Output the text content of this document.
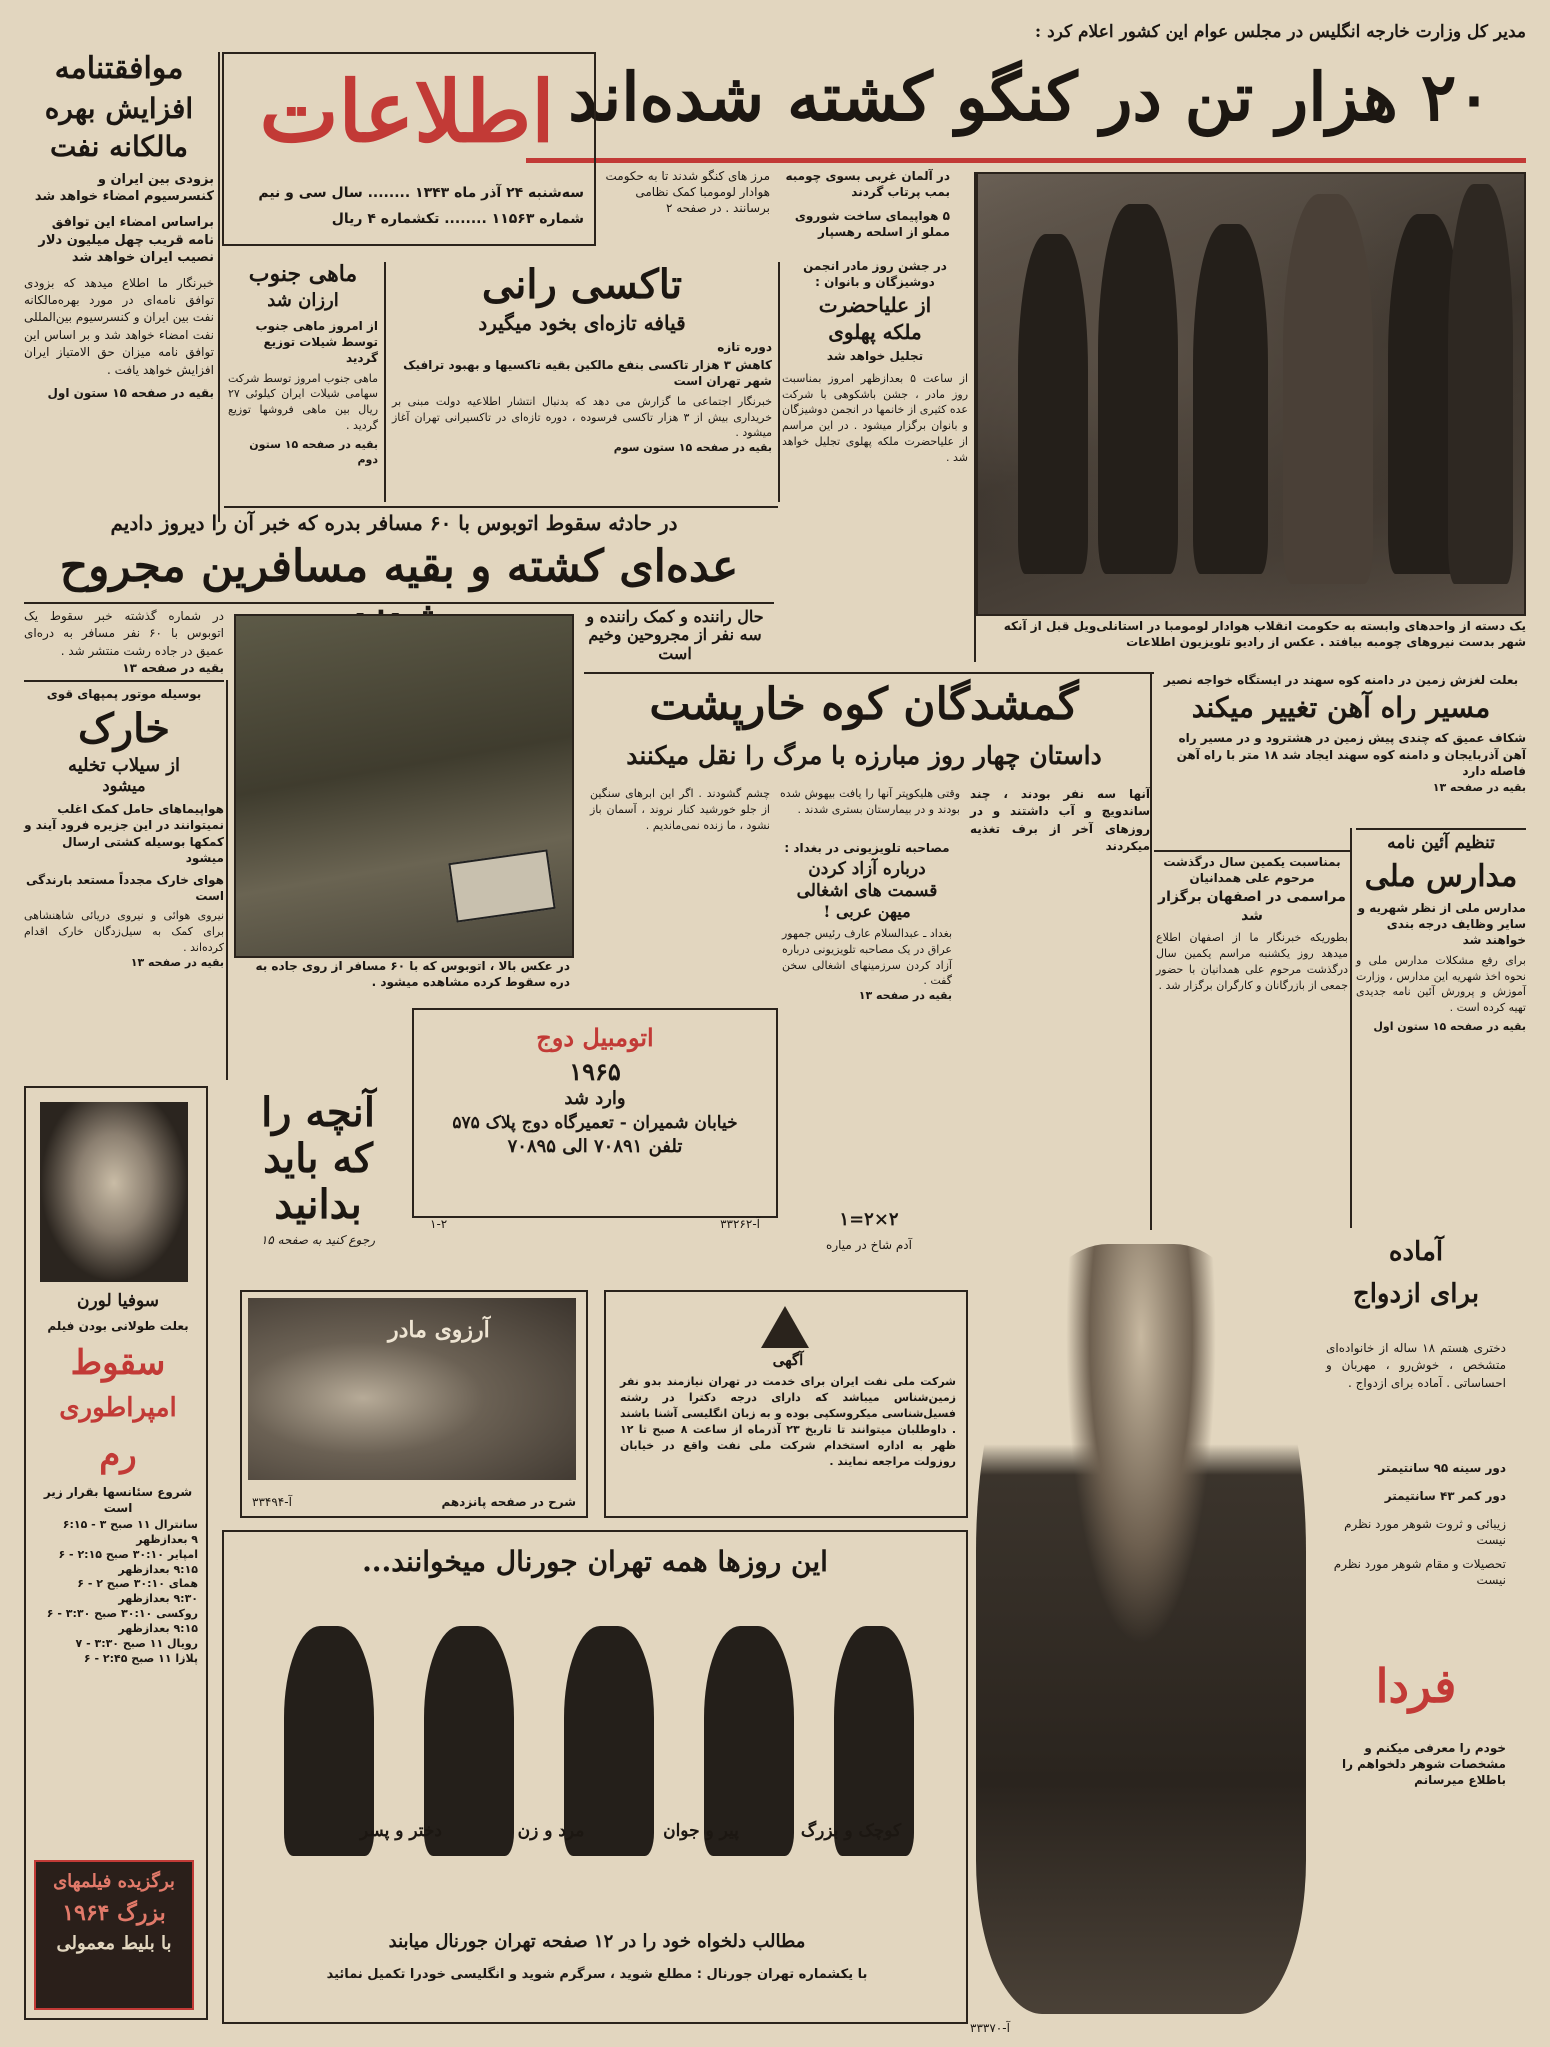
مدیر کل وزارت خارجه انگلیس در مجلس عوام این کشور اعلام کرد :
۲۰ هزار تن در کنگو کشته شده‌اند
اطلاعات
سه‌شنبه ۲۴ آذر ماه ۱۳۴۳ ........ سال سی و نیم
شماره ۱۱۵۶۳ ........ تکشماره ۴ ریال
موافقتنامه
افزایش بهره
مالکانه نفت
بزودی بین ایران و کنسرسیوم امضاء خواهد شد
براساس امضاء این توافق نامه قریب چهل میلیون دلار نصیب ایران خواهد شد
خبرنگار ما اطلاع میدهد که بزودی توافق نامه‌ای در مورد بهره‌مالکانه نفت بین ایران و کنسرسیوم بین‌المللی نفت امضاء خواهد شد و بر اساس این توافق نامه میزان حق الامتیاز ایران افزایش خواهد یافت .
بقیه در صفحه ۱۵ ستون اول
در آلمان غربی بسوی چومبه بمب پرتاب گردند
۵ هواپیمای ساخت شوروی مملو از اسلحه رهسپار
مرز های کنگو شدند تا به حکومت هوادار لومومبا کمک نظامی برسانند . در صفحه ۲
یک دسته از واحدهای وابسته به حکومت انقلاب هوادار لومومبا در استانلی‌ویل قبل از آنکه شهر بدست نیروهای چومبه بیافتد . عکس از رادیو تلویزیون اطلاعات
ماهی جنوب
ارزان شد
از امروز ماهی جنوب توسط شیلات توزیع گردید
ماهی جنوب امروز توسط شرکت سهامی شیلات ایران کیلوئی ۲۷ ریال بین ماهی فروشها توزیع گردید .
بقیه در صفحه ۱۵ ستون دوم
تاکسی رانی
قیافه تازه‌ای بخود میگیرد
دوره تازه
کاهش ۳ هزار تاکسی بنفع مالکین بقیه تاکسیها و بهبود ترافیک شهر تهران است
خبرنگار اجتماعی ما گزارش می دهد که بدنبال انتشار اطلاعیه دولت مبنی بر خریداری بیش از ۳ هزار تاکسی فرسوده ، دوره تازه‌ای در تاکسیرانی تهران آغاز میشود .
بقیه در صفحه ۱۵ ستون سوم
در جشن روز مادر انجمن دوشیزگان و بانوان :
از علیاحضرت
ملکه پهلوی
تجلیل خواهد شد
از ساعت ۵ بعدازظهر امروز بمناسبت روز مادر ، جشن باشکوهی با شرکت عده کثیری از خانمها در انجمن دوشیزگان و بانوان برگزار میشود . در این مراسم از علیاحضرت ملکه پهلوی تجلیل خواهد شد .
در حادثه سقوط اتوبوس با ۶۰ مسافر بدره که خبر آن را دیروز دادیم
عده‌ای کشته و بقیه مسافرین مجروح
در شماره گذشته خبر سقوط یک اتوبوس با ۶۰ نفر مسافر به دره‌ای عمیق در جاده رشت منتشر شد .
بقیه در صفحه ۱۳
حال راننده و کمک راننده و سه نفر از مجروحین وخیم است
در عکس بالا ، اتوبوس که با ۶۰ مسافر از روی جاده به دره سقوط کرده مشاهده میشود .
بوسیله موتور پمپهای قوی
خارک
از سیلاب تخلیه
میشود
هواپیماهای حامل کمک اغلب نمیتوانند در این جزیره فرود آیند و کمکها بوسیله کشتی ارسال میشود
هوای خارک مجدداً مستعد بارندگی است
نیروی هوائی و نیروی دریائی شاهنشاهی برای کمک به سیل‌زدگان خارک اقدام کرده‌اند .
بقیه در صفحه ۱۳
گمشدگان کوه خارپشت
داستان چهار روز مبارزه با مرگ را نقل میکنند
چشم گشودند . اگر این ابرهای سنگین از جلو خورشید کنار نروند ، آسمان باز نشود ، ما زنده نمی‌ماندیم .
وقتی هلیکوپتر آنها را یافت بیهوش شده بودند و در بیمارستان بستری شدند .
آنها سه نفر بودند ، چند ساندویچ و آب داشتند و در روزهای آخر از برف تغذیه میکردند
بعلت لغزش زمین در دامنه کوه سهند در ایستگاه خواجه نصیر
مسیر راه آهن تغییر میکند
شکاف عمیق که چندی پیش زمین در هشترود و در مسیر راه آهن آذربایجان و دامنه کوه سهند ایجاد شد ۱۸ متر با راه آهن فاصله دارد
بقیه در صفحه ۱۳
تنظیم آئین نامه
مدارس ملی
مدارس ملی از نظر شهریه و سایر وظایف درجه بندی خواهند شد
برای رفع مشکلات مدارس ملی و نحوه اخذ شهریه این مدارس ، وزارت آموزش و پرورش آئین نامه جدیدی تهیه کرده است .
بقیه در صفحه ۱۵ ستون اول
بمناسبت یکمین سال درگذشت مرحوم علی همدانیان
مراسمی در اصفهان برگزار شد
بطوریکه خبرنگار ما از اصفهان اطلاع میدهد روز یکشنبه مراسم یکمین سال درگذشت مرحوم علی همدانیان با حضور جمعی از بازرگانان و کارگران برگزار شد .
مصاحبه تلویزیونی در بغداد :
درباره آزاد کردن
قسمت های اشغالی
میهن عربی !
بغداد ـ عبدالسلام عارف رئیس جمهور عراق در یک مصاحبه تلویزیونی درباره آزاد کردن سرزمینهای اشغالی سخن گفت .
بقیه در صفحه ۱۳
اتومبیل دوج
۱۹۶۵
وارد شد
خیابان شمیران - تعمیرگاه دوج پلاک ۵۷۵
تلفن ۷۰۸۹۱ الی ۷۰۸۹۵
۱-۲	آ-۳۳۲۶۲	۲×۲=۱
آدم شاخ در میاره
آنچه را
که باید
بدانید
رجوع کنید به صفحه ۱۵
سوفیا لورن
بعلت طولانی بودن فیلم
سقوط
امپراطوری
رم
شروع سئانسها بقرار زیر است
سانترال ۱۱ صبح ۳ - ۶:۱۵
۹ بعدازظهر
امپایر ۳۰:۱۰ صبح ۲:۱۵ - ۶
۹:۱۵ بعدازظهر
همای ۳۰:۱۰ صبح ۲ - ۶
۹:۳۰ بعدازظهر
روکسی ۳۰:۱۰ صبح ۳:۳۰ - ۶
۹:۱۵ بعدازظهر
رویال ۱۱ صبح ۳:۳۰ - ۷
پلازا ۱۱ صبح ۲:۴۵ - ۶
برگزیده فیلمهای
بزرگ ۱۹۶۴
با بلیط معمولی
آرزوی مادر
شرح در صفحه پانزدهم
آ-۳۳۴۹۴
آگهی
شرکت ملی نفت ایران برای خدمت در تهران نیازمند بدو نفر زمین‌شناس میباشد که دارای درجه دکترا در رشته فسیل‌شناسی میکروسکپی بوده و به زبان انگلیسی آشنا باشند . داوطلبان میتوانند تا تاریخ ۲۳ آذرماه از ساعت ۸ صبح تا ۱۲ ظهر به اداره استخدام شرکت ملی نفت واقع در خیابان روزولت مراجعه نمایند .
این روزها همه تهران جورنال میخوانند...
کوچک و بزرگ
پیر و جوان
مرد و زن
دختر و پسر
مطالب دلخواه خود را در ۱۲ صفحه تهران جورنال میابند
با یکشماره تهران جورنال : مطلع شوید ، سرگرم شوید و انگلیسی خودرا تکمیل نمائید
آ-۳۳۳۷۰
آماده
برای ازدواج
دختری هستم ۱۸ ساله از خانواده‌ای متشخص ، خوش‌رو ، مهربان و احساساتی . آماده برای ازدواج .
دور سینه ۹۵ سانتیمتر
دور کمر ۴۳ سانتیمتر
زیبائی و ثروت شوهر مورد نظرم نیست
تحصیلات و مقام شوهر مورد نظرم نیست
فردا
خودم را معرفی میکنم و مشخصات شوهر دلخواهم را باطلاع میرسانم
